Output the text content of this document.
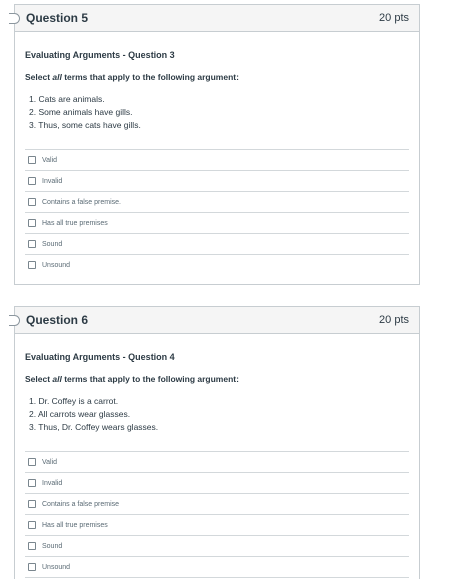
Question 5	20 pts

Evaluating Arguments - Question 3

Select all terms that apply to the following argument:

1. Cats are animals.
2. Some animals have gills.
3. Thus, some cats have gills.
Valid
Invalid
Contains a false premise.
Has all true premises
Sound
Unsound
Question 6	20 pts

Evaluating Arguments - Question 4

Select all terms that apply to the following argument:

1. Dr. Coffey is a carrot.
2. All carrots wear glasses.
3. Thus, Dr. Coffey wears glasses.
Valid
Invalid
Contains a false premise
Has all true premises
Sound
Unsound
